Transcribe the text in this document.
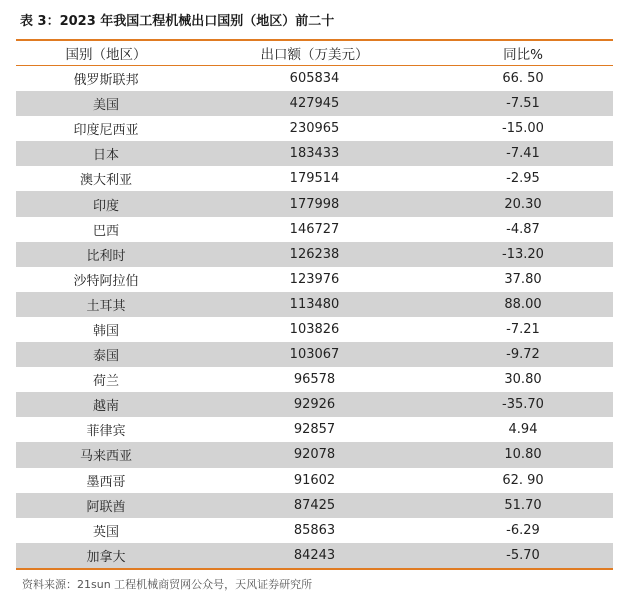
表 3：2023 年我国工程机械出口国别（地区）前二十
国别（地区）	出口额（万美元）	同比%
俄罗斯联邦	605834	66. 50
美国	427945	-7.51
印度尼西亚	230965	-15.00
日本	183433	-7.41
澳大利亚	179514	-2.95
印度	177998	20.30
巴西	146727	-4.87
比利时	126238	-13.20
沙特阿拉伯	123976	37.80
土耳其	113480	88.00
韩国	103826	-7.21
泰国	103067	-9.72
荷兰	96578	30.80
越南	92926	-35.70
菲律宾	92857	4.94
马来西亚	92078	10.80
墨西哥	91602	62. 90
阿联酋	87425	51.70
英国	85863	-6.29
加拿大	84243	-5.70
资料来源：21sun 工程机械商贸网公众号，天风证券研究所
